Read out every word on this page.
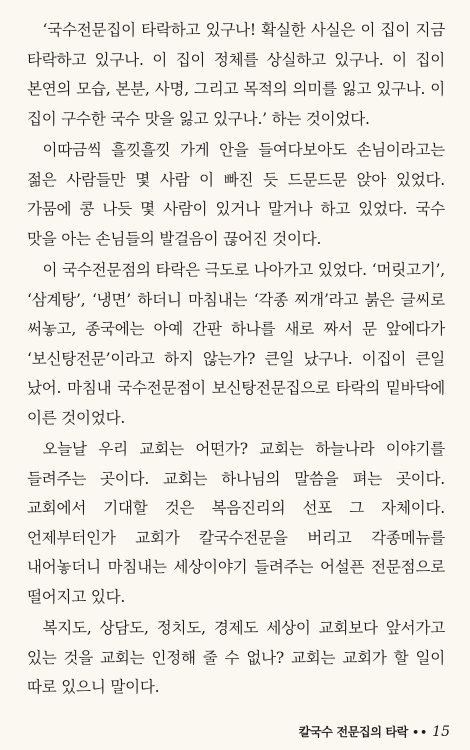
‘국수전문집이 타락하고 있구나! 확실한 사실은 이 집이 지금 타락하고 있구나. 이 집이 정체를 상실하고 있구나. 이 집이 본연의 모습, 본분, 사명, 그리고 목적의 의미를 잃고 있구나. 이 집이 구수한 국수 맛을 잃고 있구나.’ 하는 것이었다.

이따금씩 흘낏흘낏 가게 안을 들여다보아도 손님이라고는 젊은 사람들만 몇 사람 이 빠진 듯 드문드문 앉아 있었다. 가뭄에 콩 나듯 몇 사람이 있거나 말거나 하고 있었다. 국수 맛을 아는 손님들의 발걸음이 끊어진 것이다.

이 국수전문점의 타락은 극도로 나아가고 있었다. ‘머릿고기’, ‘삼계탕’, ‘냉면’ 하더니 마침내는 ‘각종 찌개’라고 붉은 글씨로 써놓고, 종국에는 아예 간판 하나를 새로 짜서 문 앞에다가 ‘보신탕전문’이라고 하지 않는가? 큰일 났구나. 이집이 큰일 났어. 마침내 국수전문점이 보신탕전문집으로 타락의 밑바닥에 이른 것이었다.

오늘날 우리 교회는 어떤가? 교회는 하늘나라 이야기를 들려주는 곳이다. 교회는 하나님의 말씀을 펴는 곳이다. 교회에서 기대할 것은 복음진리의 선포 그 자체이다. 언제부터인가 교회가 칼국수전문을 버리고 각종메뉴를 내어놓더니 마침내는 세상이야기 들려주는 어설픈 전문점으로 떨어지고 있다.

복지도, 상담도, 정치도, 경제도 세상이 교회보다 앞서가고 있는 것을 교회는 인정해 줄 수 없나? 교회는 교회가 할 일이 따로 있으니 말이다.

칼국수 전문집의 타락 •• 15
